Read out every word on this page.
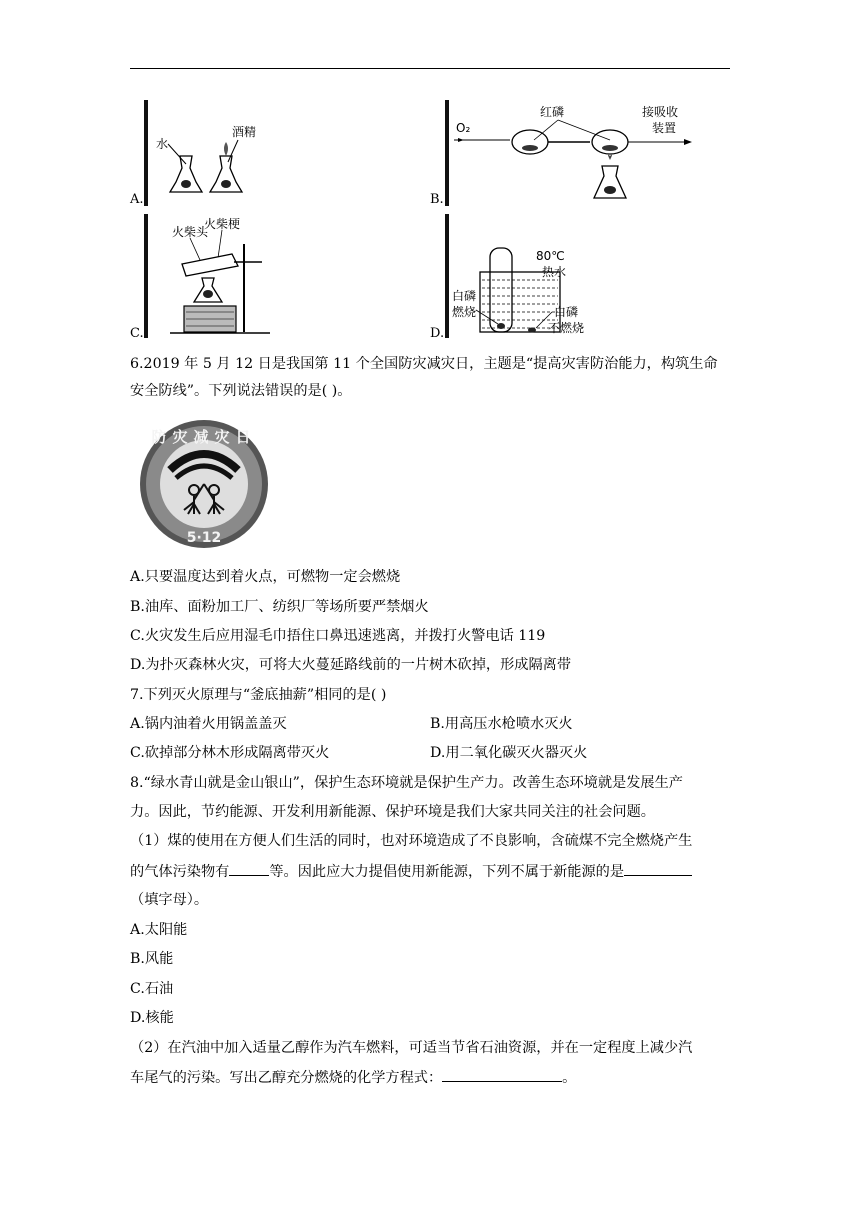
A.
水
酒精
B.
O₂
红磷	接吸收
装置
C.
火柴头
火柴梗
D.
80℃
热水
白磷
燃烧	白磷
不燃烧
6.2019 年 5 月 12 日是我国第 11 个全国防灾减灾日，主题是“提高灾害防治能力，构筑生命
安全防线”。下列说法错误的是( )。
防灾减灾日
5·12
A.只要温度达到着火点，可燃物一定会燃烧
B.油库、面粉加工厂、纺织厂等场所要严禁烟火
C.火灾发生后应用湿毛巾捂住口鼻迅速逃离，并拨打火警电话 119
D.为扑灭森林火灾，可将大火蔓延路线前的一片树木砍掉，形成隔离带
7.下列灭火原理与“釜底抽薪”相同的是( )
A.锅内油着火用锅盖盖灭	B.用高压水枪喷水灭火
C.砍掉部分林木形成隔离带灭火	D.用二氧化碳灭火器灭火
8.“绿水青山就是金山银山”，保护生态环境就是保护生产力。改善生态环境就是发展生产
力。因此，节约能源、开发利用新能源、保护环境是我们大家共同关注的社会问题。
（1）煤的使用在方便人们生活的同时，也对环境造成了不良影响，含硫煤不完全燃烧产生
的气体污染物有	等。因此应大力提倡使用新能源，下列不属于新能源的是
（填字母）。
A.太阳能
B.风能
C.石油
D.核能
（2）在汽油中加入适量乙醇作为汽车燃料，可适当节省石油资源，并在一定程度上减少汽
车尾气的污染。写出乙醇充分燃烧的化学方程式：	。
